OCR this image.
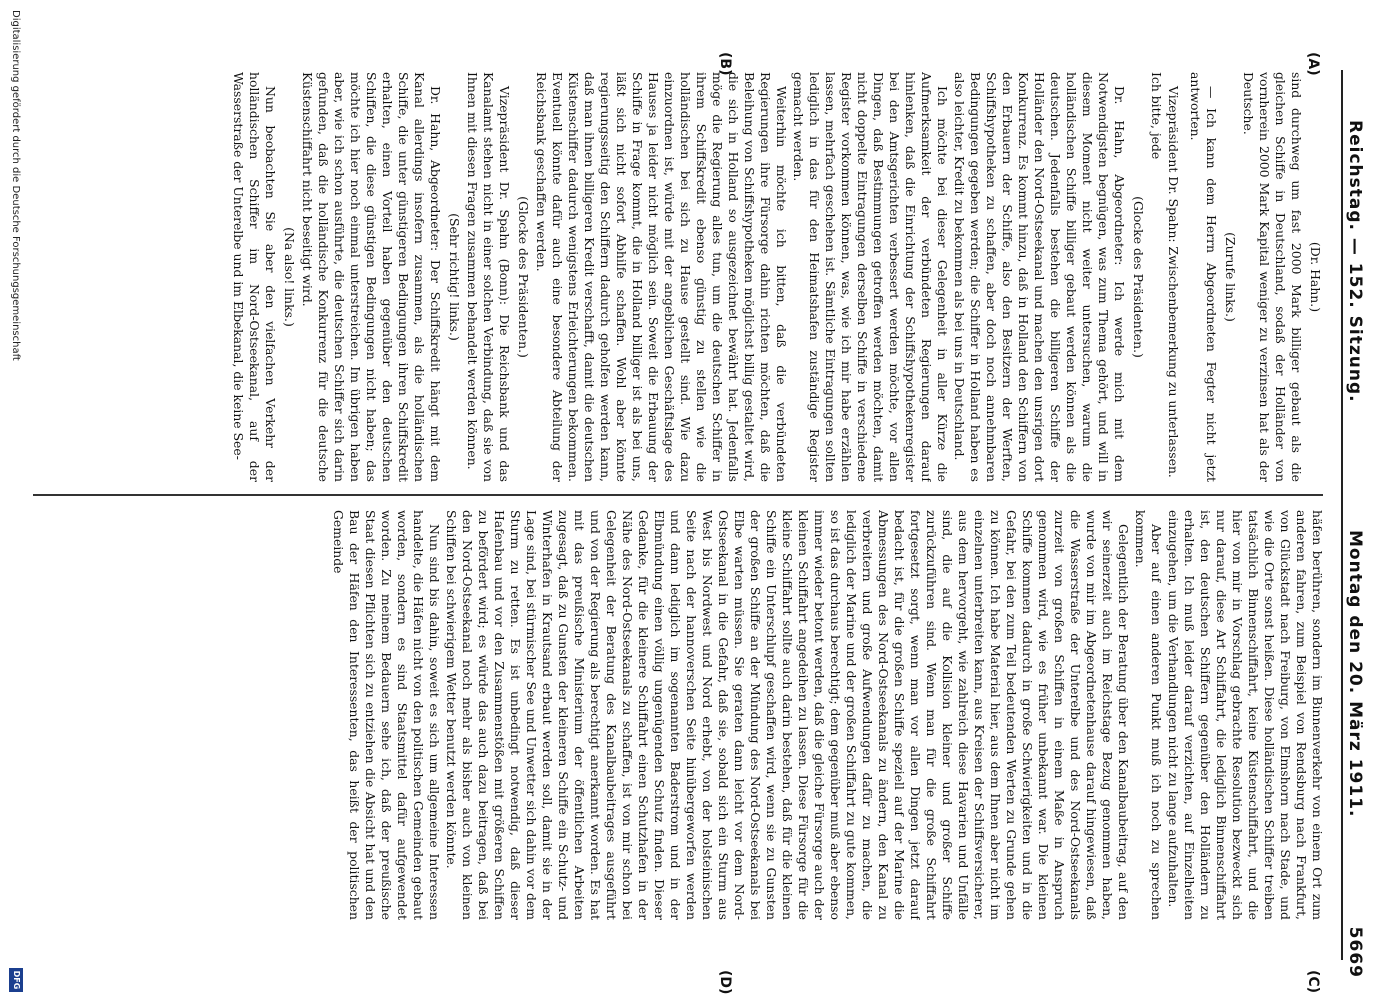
Reichstag. — 152. Sitzung.
Montag den 20. März 1911.
5669
(A)
(B)
(C)
(D)

(Dr. Hahn.)

sind durchweg um fast 2000 Mark billiger gebaut als die gleichen Schiffe in Deutschland, sodaß der Holländer von vornherein 2000 Mark Kapital weniger zu verzinsen hat als der Deutsche.

(Zurufe links.)

— Ich kann dem Herrn Abgeordneten Fegter nicht jetzt antworten.

Vizepräsident Dr. Spahn: Zwischenbemerkung zu unterlassen.

Ich bitte, jede

(Glocke des Präsidenten.)

Dr. Hahn, Abgeordneter: Ich werde mich mit dem Notwendigsten begnügen, was zum Thema gehört, und will in diesem Moment nicht weiter untersuchen, warum die holländischen Schiffe billiger gebaut werden können als die deutschen. Jedenfalls bestehen die billigeren Schiffe der Holländer den Nord-Ostseekanal und machen den unsrigen dort Konkurrenz. Es kommt hinzu, daß in Holland den Schiffern von den Erbauern der Schiffe, also den Besitzern der Werften, Schiffshypotheken zu schaffen, aber doch noch annehmbaren Bedingungen gegeben werden; die Schiffer in Holland haben es also leichter, Kredit zu bekommen als bei uns in Deutschland.

Ich möchte bei dieser Gelegenheit in aller Kürze die Aufmerksamkeit der verbündeten Regierungen darauf hinlenken, daß die Einrichtung der Schiffshypothekenregister bei den Amtsgerichten verbessert werden möchte, vor allen Dingen, daß Bestimmungen getroffen werden möchten, damit nicht doppelte Eintragungen derselben Schiffe in verschiedene Register vorkommen können, was, wie ich mir habe erzählen lassen, mehrfach geschehen ist. Sämtliche Eintragungen sollten lediglich in das für den Heimatshafen zuständige Register gemacht werden.

Weiterhin möchte ich bitten, daß die verbündeten Regierungen ihre Fürsorge dahin richten möchten, daß die Beleihung von Schiffshypotheken möglichst billig gestaltet wird, die sich in Holland so ausgezeichnet bewährt hat. Jedenfalls möge die Regierung alles tun, um die deutschen Schiffer in ihrem Schiffskredit ebenso günstig zu stellen wie die holländischen bei sich zu Hause gestellt sind. Wie dazu einzuordnen ist, würde mit der angeblichen Geschäftslage des Hauses ja leider nicht möglich sein. Soweit die Erbauung der Schiffe in Frage kommt, die in Holland billiger ist als bei uns, läßt sich nicht sofort Abhilfe schaffen. Wohl aber könnte regierungsseitig den Schiffern dadurch geholfen werden kann, daß man ihnen billigeren Kredit verschafft, damit die deutschen Küstenschiffer dadurch wenigstens Erleichterungen bekommen. Eventuell könnte dafür auch eine besondere Abteilung der Reichsbank geschaffen werden.

(Glocke des Präsidenten.)

Vizepräsident Dr. Spahn (Bonn): Die Reichsbank und das Kanalamt stehen nicht in einer solchen Verbindung, daß sie von Ihnen mit diesen Fragen zusammen behandelt werden können.

(Sehr richtig! links.)

Dr. Hahn, Abgeordneter: Der Schiffskredit hängt mit dem Kanal allerdings insofern zusammen, als die holländischen Schiffe, die unter günstigeren Bedingungen ihren Schiffskredit erhalten, einen Vorteil haben gegenüber den deutschen Schiffen, die diese günstigen Bedingungen nicht haben; das möchte ich hier noch einmal unterstreichen. Im übrigen haben aber, wie ich schon ausführte, die deutschen Schiffer sich darin gefunden, daß die holländische Konkurrenz für die deutsche Küstenschiffahrt nicht beseitigt wird.

(Na also! links.)

Nun beobachten Sie aber den vielfachen Verkehr der holländischen Schiffer im Nord-Ostseekanal, auf der Wasserstraße der Unterelbe und im Elbekanal, die keine See-

häfen berühren, sondern im Binnenverkehr von einem Ort zum anderen fahren, zum Beispiel von Rendsburg nach Frankfurt, von Glückstadt nach Freiburg, von Elmshorn nach Stade, und wie die Orte sonst heißen. Diese holländischen Schiffer treiben tatsächlich Binnenschiffahrt, keine Küstenschiffahrt, und die hier von mir in Vorschlag gebrachte Resolution bezweckt sich nur darauf, diese Art Schiffahrt, die lediglich Binnenschiffahrt ist, den deutschen Schiffern gegenüber den Holländern zu erhalten. Ich muß leider darauf verzichten, auf Einzelheiten einzugehen, um die Verhandlungen nicht zu lange aufzuhalten.

Aber auf einen anderen Punkt muß ich noch zu sprechen kommen.

Gelegentlich der Beratung über den Kanalbaubeitrag, auf den wir seinerzeit auch im Reichstage Bezug genommen haben, wurde von mir im Abgeordnetenhause darauf hingewiesen, daß die Wasserstraße der Unterelbe und des Nord-Ostseekanals zurzeit von großen Schiffen in einem Maße in Anspruch genommen wird, wie es früher unbekannt war. Die kleinen Schiffe kommen dadurch in große Schwierigkeiten und in die Gefahr, bei den zum Teil bedeutenden Werten zu Grunde gehen zu können. Ich habe Material hier, aus dem Ihnen aber nicht im einzelnen unterbreiten kann, aus Kreisen der Schiffsversicherer, aus dem hervorgeht, wie zahlreich diese Havarien und Unfälle sind, die auf die Kollision kleiner und großer Schiffe zurückzuführen sind. Wenn man für die große Schiffahrt fortgesetzt sorgt, wenn man vor allen Dingen jetzt darauf bedacht ist, für die großen Schiffe speziell auf der Marine die Abmessungen des Nord-Ostseekanals zu ändern, den Kanal zu verbreitern und große Aufwendungen dafür zu machen, die lediglich der Marine und der großen Schiffahrt zu gute kommen, so ist das durchaus berechtigt; dem gegenüber muß aber ebenso immer wieder betont werden, daß die gleiche Fürsorge auch der kleinen Schiffahrt angedeihen zu lassen. Diese Fürsorge für die kleine Schiffahrt sollte auch darin bestehen, daß für die kleinen Schiffe ein Unterschlupf geschaffen wird, wenn sie zu Gunsten der großen Schiffe an der Mündung des Nord-Ostseekanals bei Elbe warten müssen. Sie geraten dann leicht vor dem Nord-Ostseekanal in die Gefahr, daß sie, sobald sich ein Sturm aus West bis Nordwest und Nord erhebt, von der holsteinischen Seite nach der hannoverschen Seite hinübergeworfen werden und dann lediglich im sogenannten Baderstrom und in der Elbmündung einen völlig ungenügenden Schutz finden. Dieser Gedanke, für die kleinere Schiffahrt einen Schutzhafen in der Nähe des Nord-Ostseekanals zu schaffen, ist von mir schon bei Gelegenheit der Beratung des Kanalbaubeitrages ausgeführt und von der Regierung als berechtigt anerkannt worden. Es hat mit das preußische Ministerium der öffentlichen Arbeiten zugesagt, daß zu Gunsten der kleineren Schiffe ein Schutz- und Winterhafen in Krautsand erbaut werden soll, damit sie in der Lage sind, bei stürmischer See und Unwetter sich dahin vor dem Sturm zu retten. Es ist unbedingt notwendig, daß dieser Hafenbau und vor den Zusammenstößen mit größeren Schiffen zu befördert wird; es würde das auch dazu beitragen, daß bei den Nord-Ostseekanal noch mehr als bisher auch von kleinen Schiffen bei schwierigem Wetter benutzt werden könnte.

Nun sind bis dahin, soweit es sich um allgemeine Interessen handelte, die Häfen nicht von den politischen Gemeinden gebaut worden, sondern es sind Staatsmittel dafür aufgewendet worden. Zu meinem Bedauern sehe ich, daß der preußische Staat diesen Pflichten sich zu entziehen die Absicht hat und den Bau der Häfen den Interessenten, das heißt der politischen Gemeinde

Digitalisierung gefördert durch die Deutsche Forschungsgemeinschaft
DFG
